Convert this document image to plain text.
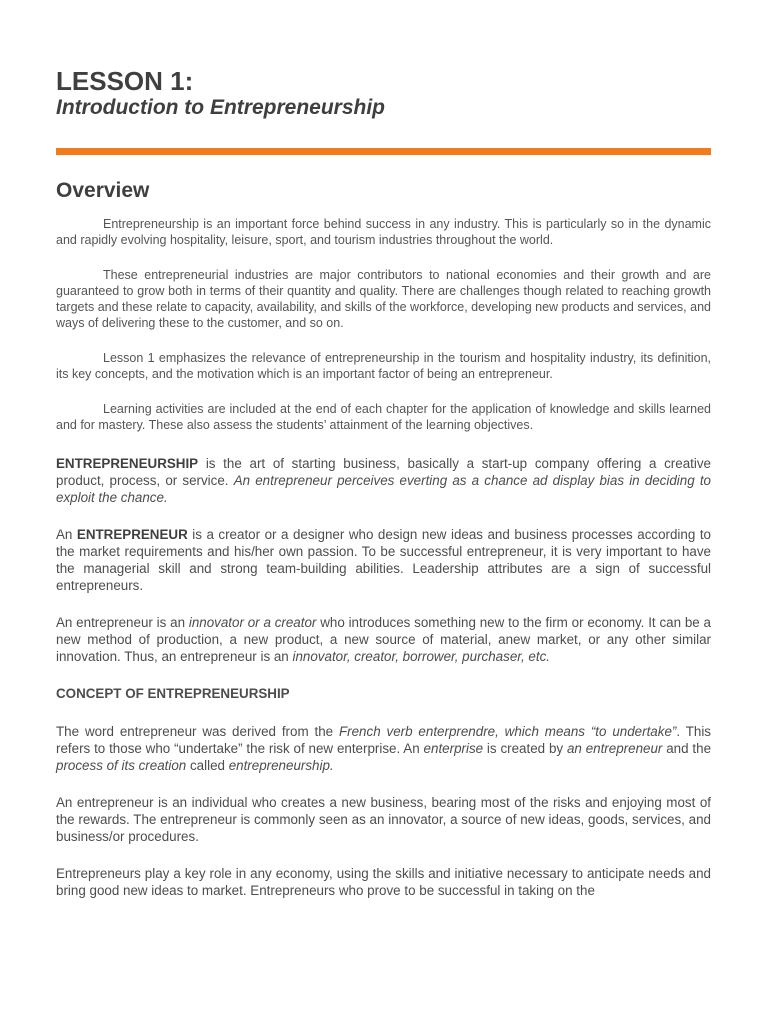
LESSON 1:
Introduction to Entrepreneurship
Overview

Entrepreneurship is an important force behind success in any industry. This is particularly so in the dynamic and rapidly evolving hospitality, leisure, sport, and tourism industries throughout the world.

These entrepreneurial industries are major contributors to national economies and their growth and are guaranteed to grow both in terms of their quantity and quality. There are challenges though related to reaching growth targets and these relate to capacity, availability, and skills of the workforce, developing new products and services, and ways of delivering these to the customer, and so on.

Lesson 1 emphasizes the relevance of entrepreneurship in the tourism and hospitality industry, its definition, its key concepts, and the motivation which is an important factor of being an entrepreneur.

Learning activities are included at the end of each chapter for the application of knowledge and skills learned and for mastery. These also assess the students’ attainment of the learning objectives.

ENTREPRENEURSHIP is the art of starting business, basically a start-up company offering a creative product, process, or service. An entrepreneur perceives everting as a chance ad display bias in deciding to exploit the chance.

An ENTREPRENEUR is a creator or a designer who design new ideas and business processes according to the market requirements and his/her own passion. To be successful entrepreneur, it is very important to have the managerial skill and strong team-building abilities. Leadership attributes are a sign of successful entrepreneurs.

An entrepreneur is an innovator or a creator who introduces something new to the firm or economy. It can be a new method of production, a new product, a new source of material, anew market, or any other similar innovation. Thus, an entrepreneur is an innovator, creator, borrower, purchaser, etc.

CONCEPT OF ENTREPRENEURSHIP

The word entrepreneur was derived from the French verb enterprendre, which means “to undertake”. This refers to those who “undertake” the risk of new enterprise. An enterprise is created by an entrepreneur and the process of its creation called entrepreneurship.

An entrepreneur is an individual who creates a new business, bearing most of the risks and enjoying most of the rewards. The entrepreneur is commonly seen as an innovator, a source of new ideas, goods, services, and business/or procedures.

Entrepreneurs play a key role in any economy, using the skills and initiative necessary to anticipate needs and bring good new ideas to market. Entrepreneurs who prove to be successful in taking on the
